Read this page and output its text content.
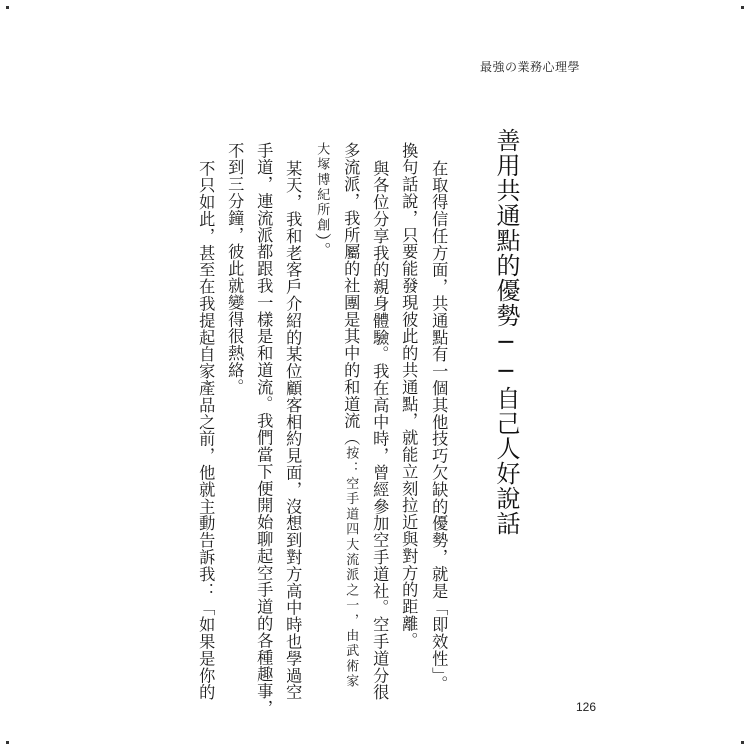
最強の業務心理學
善用共通點的優勢──自己人好說話
在取得信任方面，共通點有一個其他技巧欠缺的優勢，就是「即效性」。
換句話說，只要能發現彼此的共通點，就能立刻拉近與對方的距離。
與各位分享我的親身體驗。我在高中時，曾經參加空手道社。空手道分很
多流派，我所屬的社團是其中的和道流（按：空手道四大流派之一，由武術家
大塚博紀所創）。
某天，我和老客戶介紹的某位顧客相約見面，沒想到對方高中時也學過空
手道，連流派都跟我一樣是和道流。我們當下便開始聊起空手道的各種趣事，
不到三分鐘，彼此就變得很熱絡。
不只如此，甚至在我提起自家產品之前，他就主動告訴我：「如果是你的
126
